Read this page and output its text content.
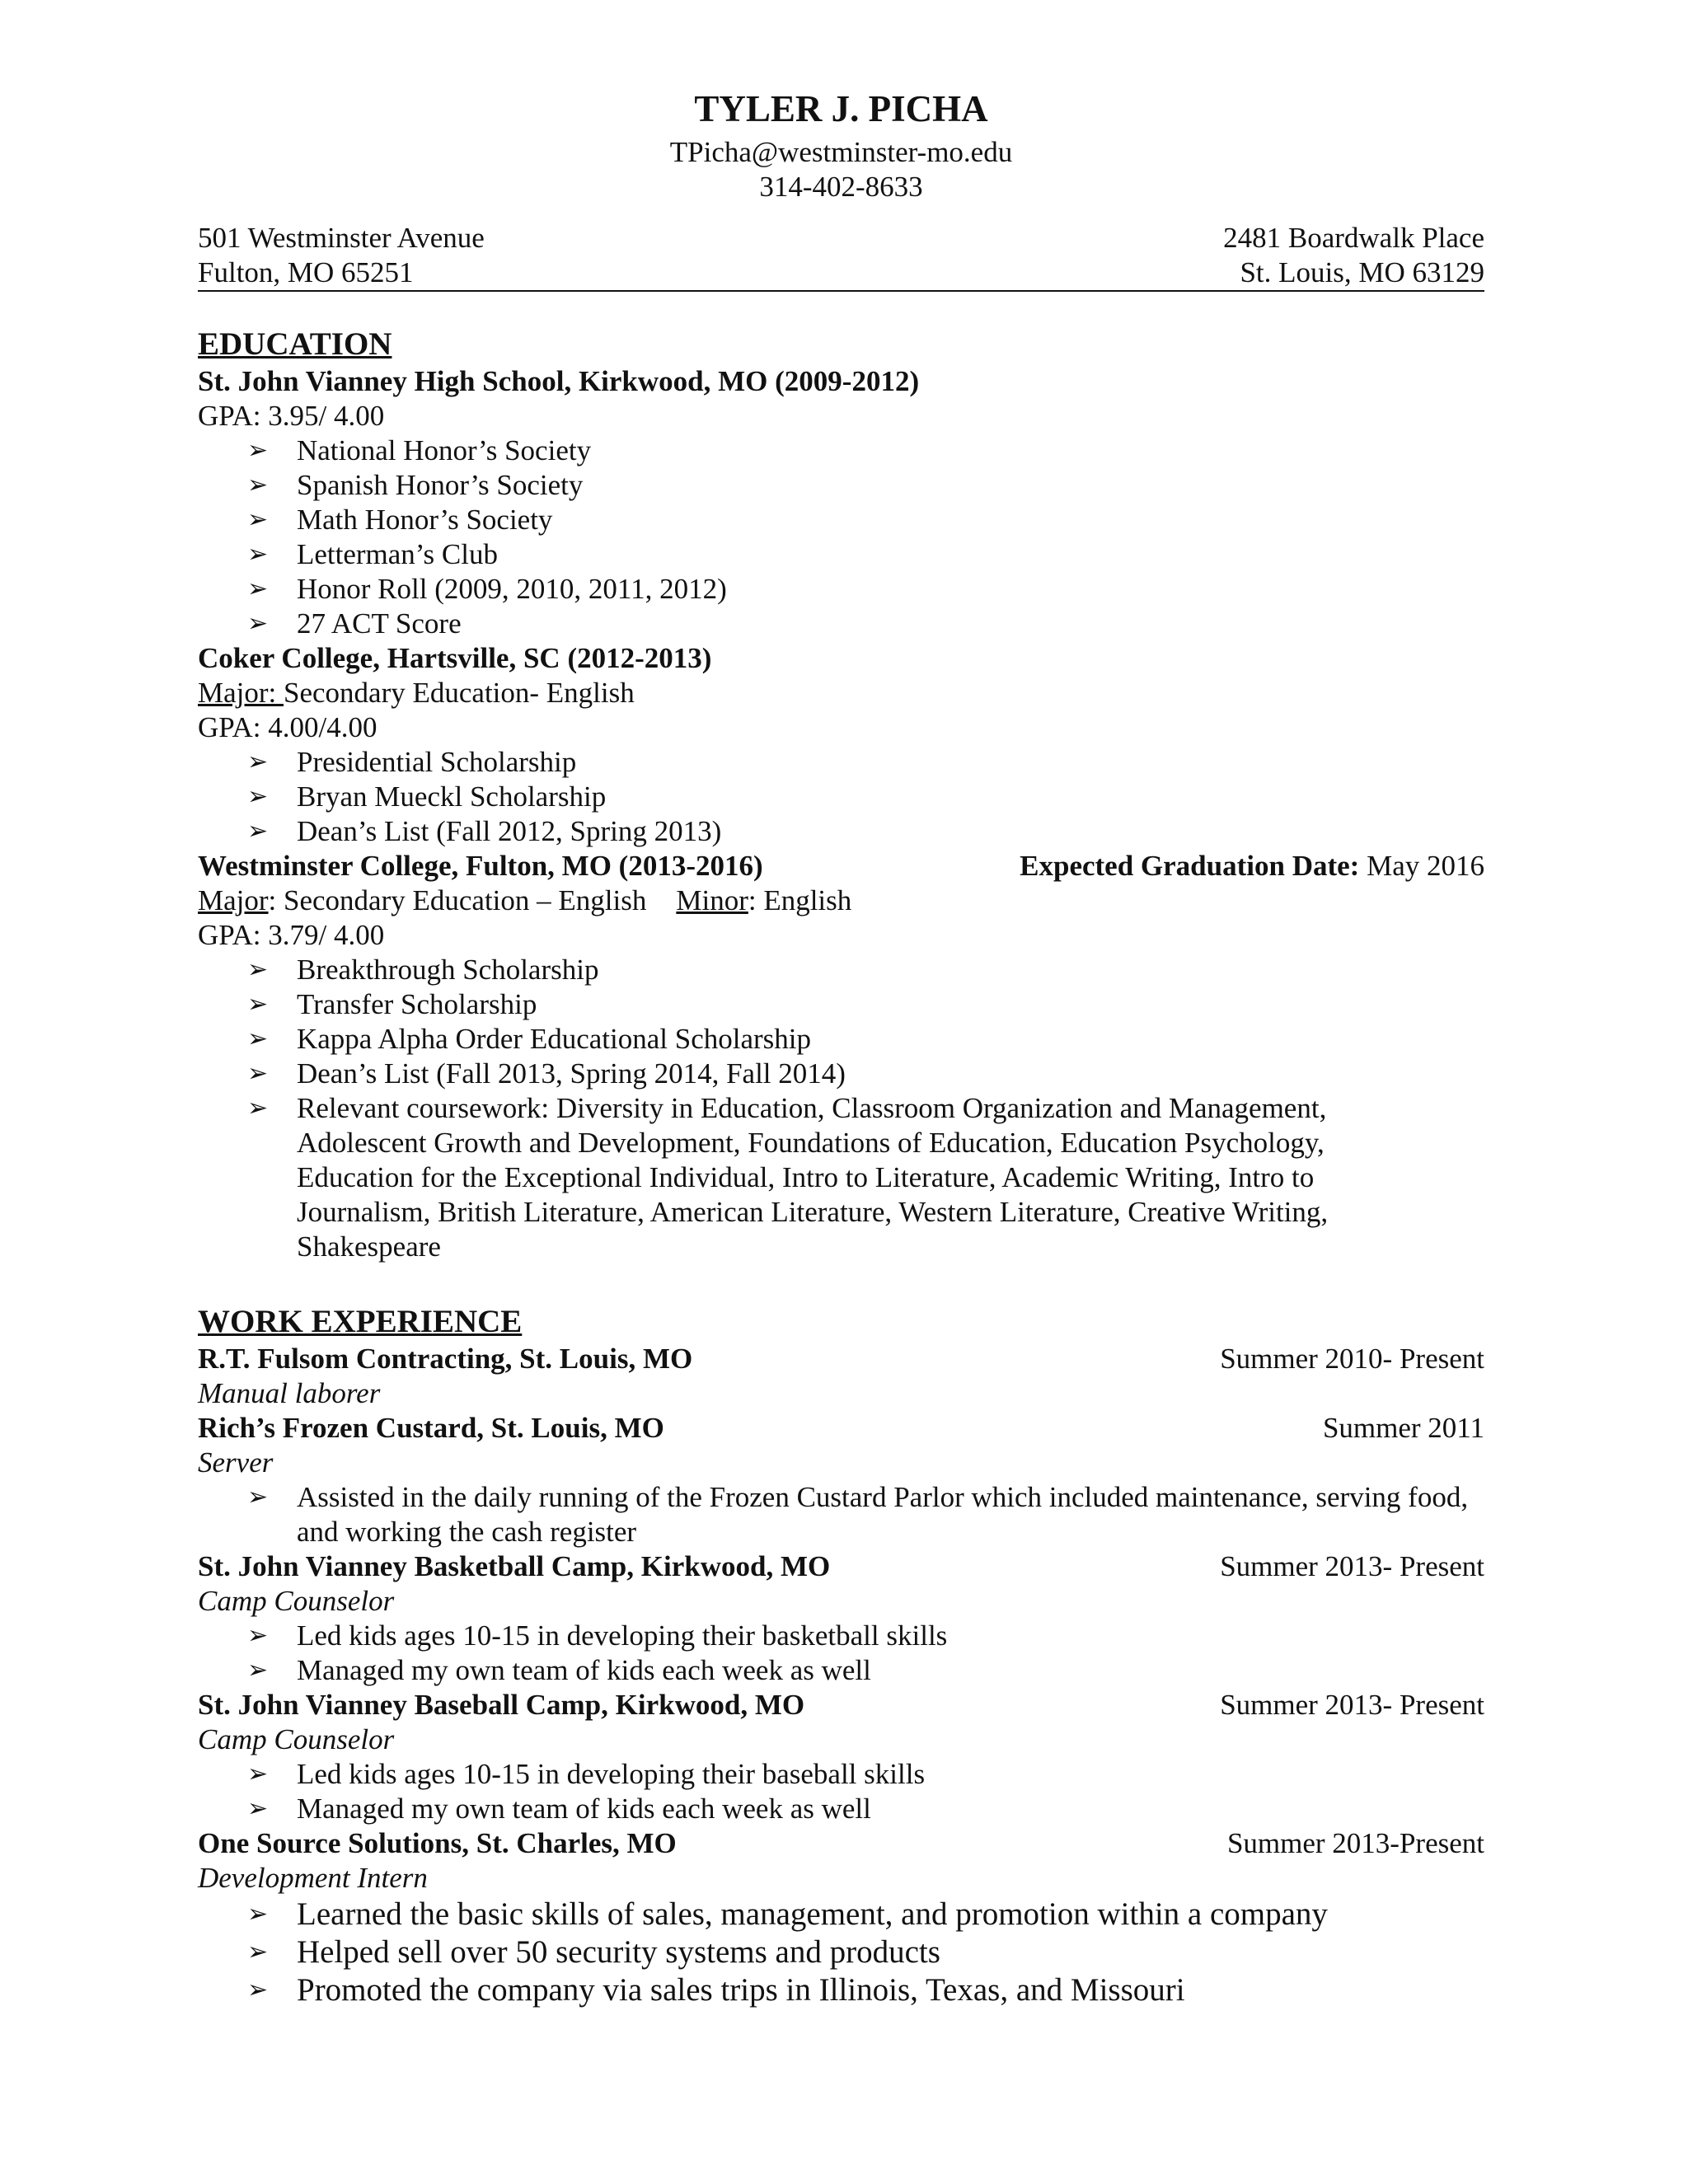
TYLER J. PICHA
TPicha@westminster-mo.edu
314-402-8633
501 Westminster Avenue
Fulton, MO 65251
2481 Boardwalk Place
St. Louis, MO 63129
EDUCATION
St. John Vianney High School, Kirkwood, MO (2009-2012)
GPA: 3.95/ 4.00
➢ National Honor’s Society
➢ Spanish Honor’s Society
➢ Math Honor’s Society
➢ Letterman’s Club
➢ Honor Roll (2009, 2010, 2011, 2012)
➢ 27 ACT Score
Coker College, Hartsville, SC (2012-2013)
Major: Secondary Education- English
GPA: 4.00/4.00
➢ Presidential Scholarship
➢ Bryan Mueckl Scholarship
➢ Dean’s List (Fall 2012, Spring 2013)
Westminster College, Fulton, MO (2013-2016)	Expected Graduation Date: May 2016
Major: Secondary Education – English Minor: English
GPA: 3.79/ 4.00
➢ Breakthrough Scholarship
➢ Transfer Scholarship
➢ Kappa Alpha Order Educational Scholarship
➢ Dean’s List (Fall 2013, Spring 2014, Fall 2014)
➢ Relevant coursework: Diversity in Education, Classroom Organization and Management, Adolescent Growth and Development, Foundations of Education, Education Psychology, Education for the Exceptional Individual, Intro to Literature, Academic Writing, Intro to Journalism, British Literature, American Literature, Western Literature, Creative Writing, Shakespeare
WORK EXPERIENCE
R.T. Fulsom Contracting, St. Louis, MO	Summer 2010- Present
Manual laborer
Rich’s Frozen Custard, St. Louis, MO	Summer 2011
Server
➢ Assisted in the daily running of the Frozen Custard Parlor which included maintenance, serving food, and working the cash register
St. John Vianney Basketball Camp, Kirkwood, MO	Summer 2013- Present
Camp Counselor
➢ Led kids ages 10-15 in developing their basketball skills
➢ Managed my own team of kids each week as well
St. John Vianney Baseball Camp, Kirkwood, MO	Summer 2013- Present
Camp Counselor
➢ Led kids ages 10-15 in developing their baseball skills
➢ Managed my own team of kids each week as well
One Source Solutions, St. Charles, MO	Summer 2013-Present
Development Intern
➢ Learned the basic skills of sales, management, and promotion within a company
➢ Helped sell over 50 security systems and products
➢ Promoted the company via sales trips in Illinois, Texas, and Missouri
